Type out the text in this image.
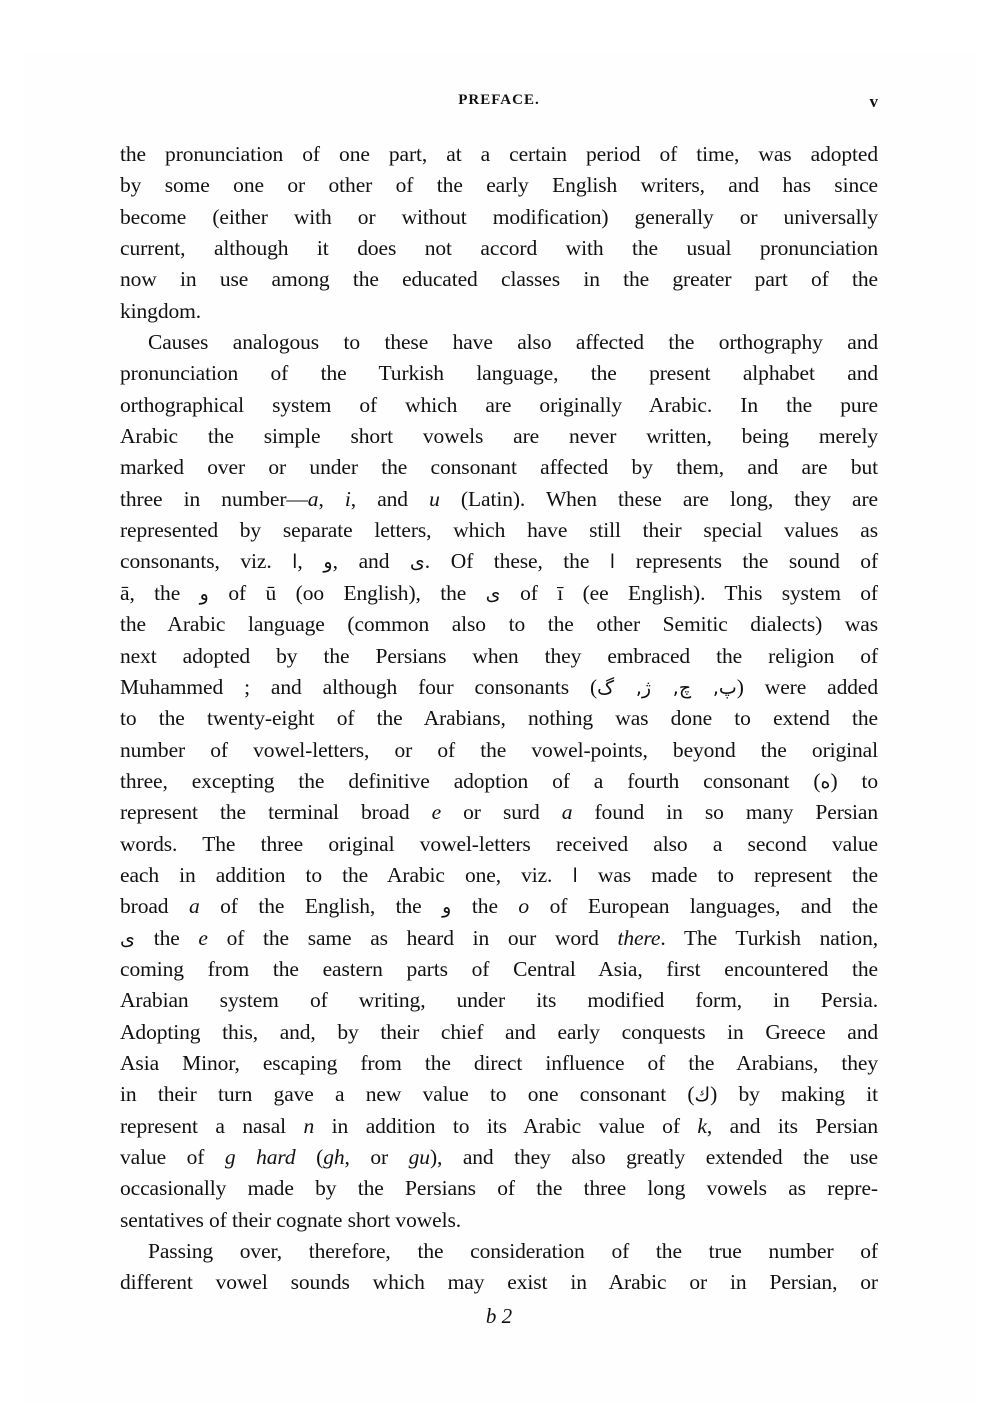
PREFACE.	v
the pronunciation of one part, at a certain period of time, was adopted
by some one or other of the early English writers, and has since
become (either with or without modification) generally or universally
current, although it does not accord with the usual pronunciation
now in use among the educated classes in the greater part of the
kingdom.
Causes analogous to these have also affected the orthography and
pronunciation of the Turkish language, the present alphabet and
orthographical system of which are originally Arabic. In the pure
Arabic the simple short vowels are never written, being merely
marked over or under the consonant affected by them, and are but
three in number—a, i, and u (Latin). When these are long, they are
represented by separate letters, which have still their special values as
consonants, viz. ا, و, and ى. Of these, the ا represents the sound of
ā, the و of ū (oo English), the ى of ī (ee English). This system of
the Arabic language (common also to the other Semitic dialects) was
next adopted by the Persians when they embraced the religion of
Muhammed ; and although four consonants (پ, چ, ژ, گ) were added
to the twenty-eight of the Arabians, nothing was done to extend the
number of vowel-letters, or of the vowel-points, beyond the original
three, excepting the definitive adoption of a fourth consonant (ه) to
represent the terminal broad e or surd a found in so many Persian
words. The three original vowel-letters received also a second value
each in addition to the Arabic one, viz. ا was made to represent the
broad a of the English, the و the o of European languages, and the
ى the e of the same as heard in our word there. The Turkish nation,
coming from the eastern parts of Central Asia, first encountered the
Arabian system of writing, under its modified form, in Persia.
Adopting this, and, by their chief and early conquests in Greece and
Asia Minor, escaping from the direct influence of the Arabians, they
in their turn gave a new value to one consonant (ك) by making it
represent a nasal n in addition to its Arabic value of k, and its Persian
value of g hard (gh, or gu), and they also greatly extended the use
occasionally made by the Persians of the three long vowels as repre-
sentatives of their cognate short vowels.
Passing over, therefore, the consideration of the true number of
different vowel sounds which may exist in Arabic or in Persian, or
b 2
